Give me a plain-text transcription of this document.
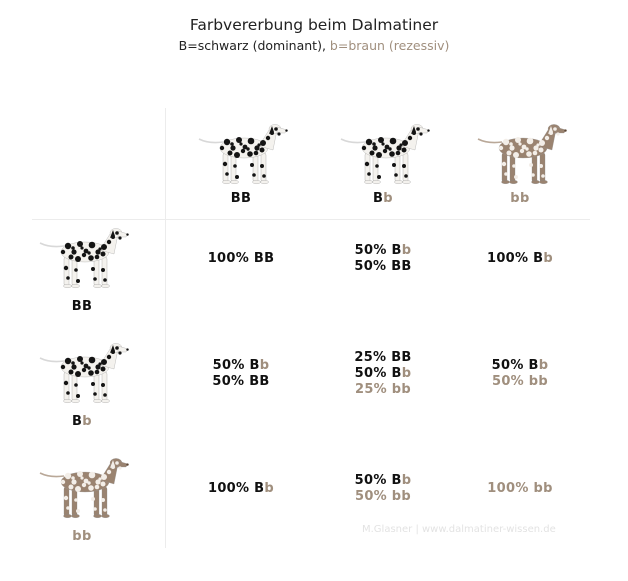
Farbvererbung beim Dalmatiner
B=schwarz (dominant), b=braun (rezessiv)
BB	Bb	bb
BB
100% BB
50% Bb
50% BB
100% Bb
Bb
50% Bb
50% BB
25% BB
50% Bb
25% bb
50% Bb
50% bb
bb
100% Bb
50% Bb
50% bb
100% bb
M.Glasner | www.dalmatiner-wissen.de
